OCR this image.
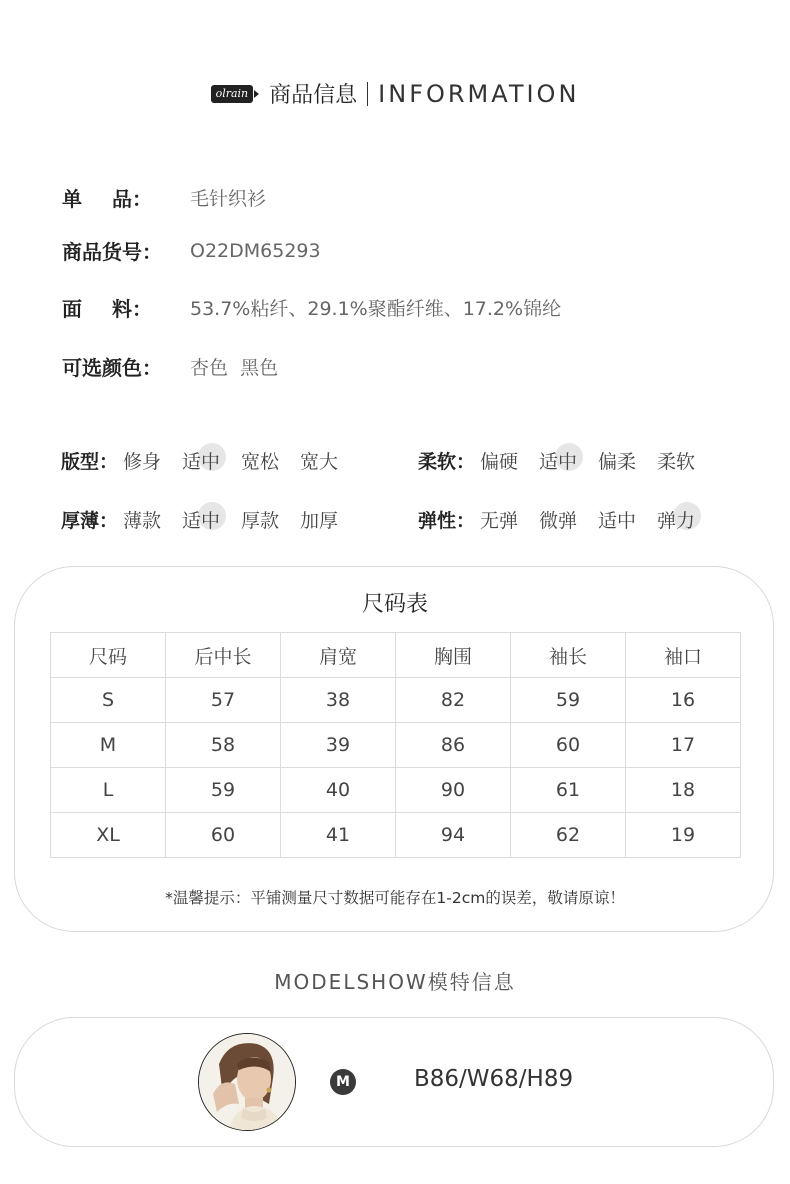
olrain 商品信息 INFORMATION
单 品： 毛针织衫
商品货号：	O22DM65293
面 料： 53.7%粘纤、29.1%聚酯纤维、17.2%锦纶
可选颜色：	杏色  黑色
版型： 修身	适中	宽松	宽大	柔软： 偏硬	适中	偏柔	柔软
厚薄： 薄款	适中	厚款	加厚	弹性： 无弹	微弹	适中	弹力
尺码表
尺码	后中长	肩宽	胸围	袖长	袖口
S	57	38	82	59	16
M	58	39	86	60	17
L	59	40	90	61	18
XL	60	41	94	62	19
*温馨提示：平铺测量尺寸数据可能存在1-2cm的误差，敬请原谅！
MODELSHOW模特信息
M	B86/W68/H89
